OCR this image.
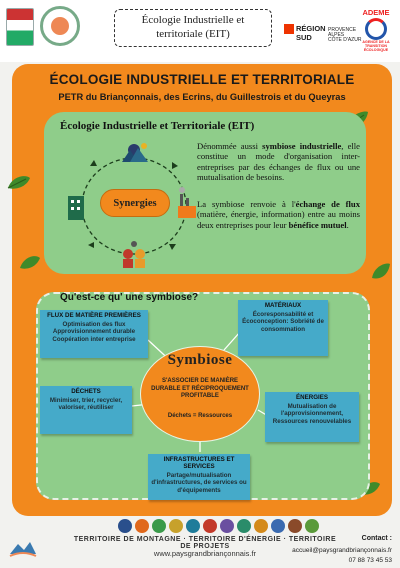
Écologie Industrielle et
territoriale (EIT)	RÉGION
SUD
PROVENCE
ALPES
CÔTE D'AZUR
ADEME
AGENCE DE LA
TRANSITION
ÉCOLOGIQUE
ÉCOLOGIE INDUSTRIELLE ET TERRITORIALE
PETR du Briançonnais, des Ecrins, du Guillestrois et du Queyras
Écologie Industrielle et Territoriale (EIT)
Synergies
Dénommée aussi symbiose industrielle, elle constitue un mode d'organisation inter-entreprises par des échanges de flux ou une mutualisation de besoins.
La symbiose renvoie à l'échange de flux (matière, énergie, information) entre au moins deux entreprises pour leur bénéfice mutuel.
Qu'est-ce qu' une symbiose?
FLUX DE MATIÈRE PREMIÈRES
Optimisation des flux Approvisionnement durable Coopération inter entreprise
MATÉRIAUX
Écoresponsabilité et Écoconception: Sobriété de consommation
DÉCHETS
Minimiser, trier, recycler, valoriser, réutiliser
ÉNERGIES
Mutualisation de l'approvisionnement, Ressources renouvelables
INFRASTRUCTURES ET SERVICES
Partage/mutualisation d'infrastructures, de services ou d'équipements
Symbiose
S'ASSOCIER DE MANIÈRE DURABLE ET RÉCIPROQUEMENT PROFITABLE
Déchets = Ressources
TERRITOIRE DE MONTAGNE · TERRITOIRE D'ÉNERGIE · TERRITOIRE DE PROJETS
www.paysgrandbriançonnais.fr
Contact :
accueil@paysgrandbriançonnais.fr
07 88 73 45 53
